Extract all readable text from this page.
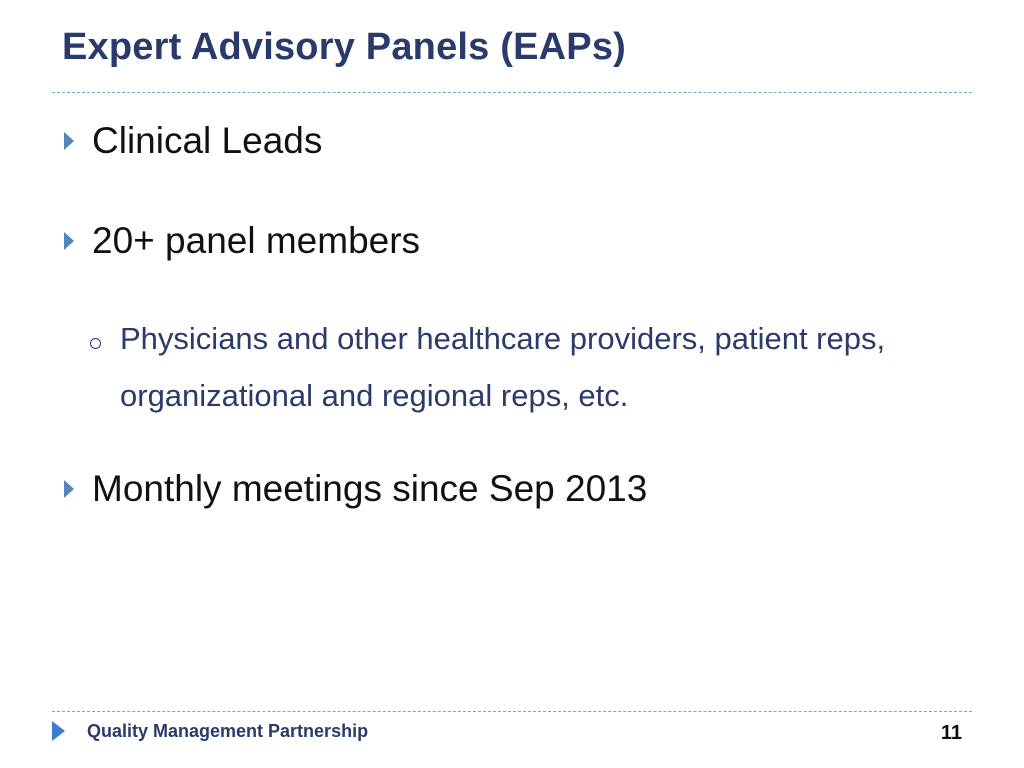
Expert Advisory Panels (EAPs)
Clinical Leads
20+ panel members
Physicians and other healthcare providers, patient reps, organizational and regional reps, etc.
Monthly meetings since Sep 2013
Quality Management Partnership	11
